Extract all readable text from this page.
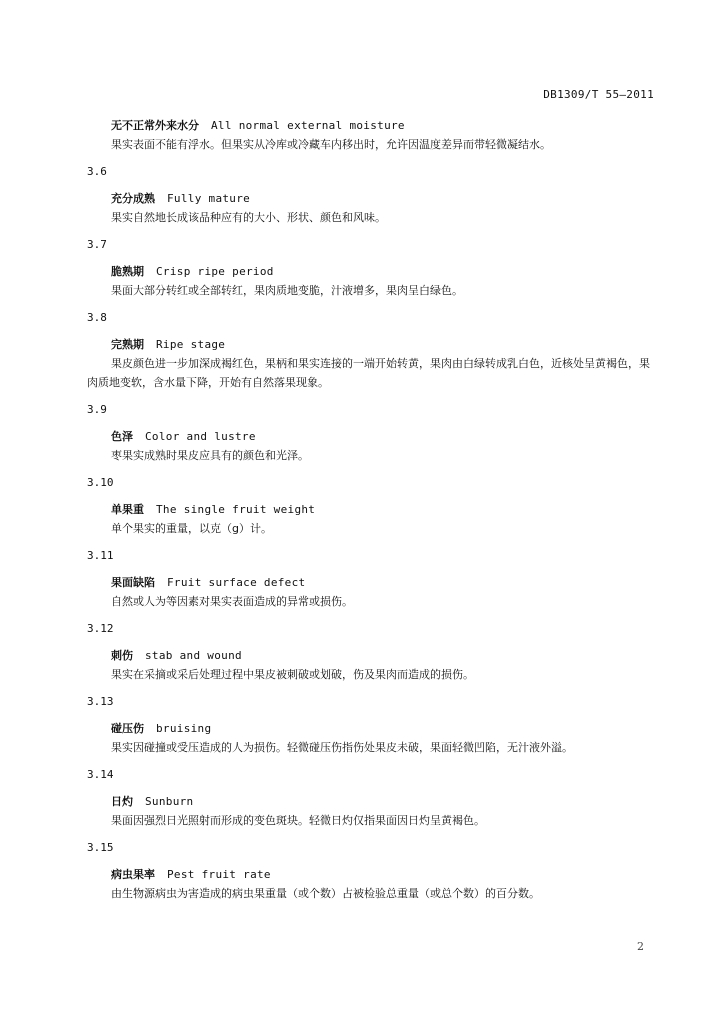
DB1309/T 55—2011
无不正常外来水分 All normal external moisture
果实表面不能有浮水。但果实从冷库或冷藏车内移出时，允许因温度差异而带轻微凝结水。
3.6
充分成熟 Fully mature
果实自然地长成该品种应有的大小、形状、颜色和风味。
3.7
脆熟期 Crisp ripe period
果面大部分转红或全部转红，果肉质地变脆，汁液增多，果肉呈白绿色。
3.8
完熟期 Ripe stage
果皮颜色进一步加深成褐红色，果柄和果实连接的一端开始转黄，果肉由白绿转成乳白色，近核处呈黄褐色，果肉质地变软，含水量下降，开始有自然落果现象。
3.9
色泽 Color and lustre
枣果实成熟时果皮应具有的颜色和光泽。
3.10
单果重 The single fruit weight
单个果实的重量，以克（g）计。
3.11
果面缺陷 Fruit surface defect
自然或人为等因素对果实表面造成的异常或损伤。
3.12
刺伤 stab and wound
果实在采摘或采后处理过程中果皮被刺破或划破，伤及果肉而造成的损伤。
3.13
碰压伤 bruising
果实因碰撞或受压造成的人为损伤。轻微碰压伤指伤处果皮未破，果面轻微凹陷，无汁液外溢。
3.14
日灼 Sunburn
果面因强烈日光照射而形成的变色斑块。轻微日灼仅指果面因日灼呈黄褐色。
3.15
病虫果率 Pest fruit rate
由生物源病虫为害造成的病虫果重量（或个数）占被检验总重量（或总个数）的百分数。
2
